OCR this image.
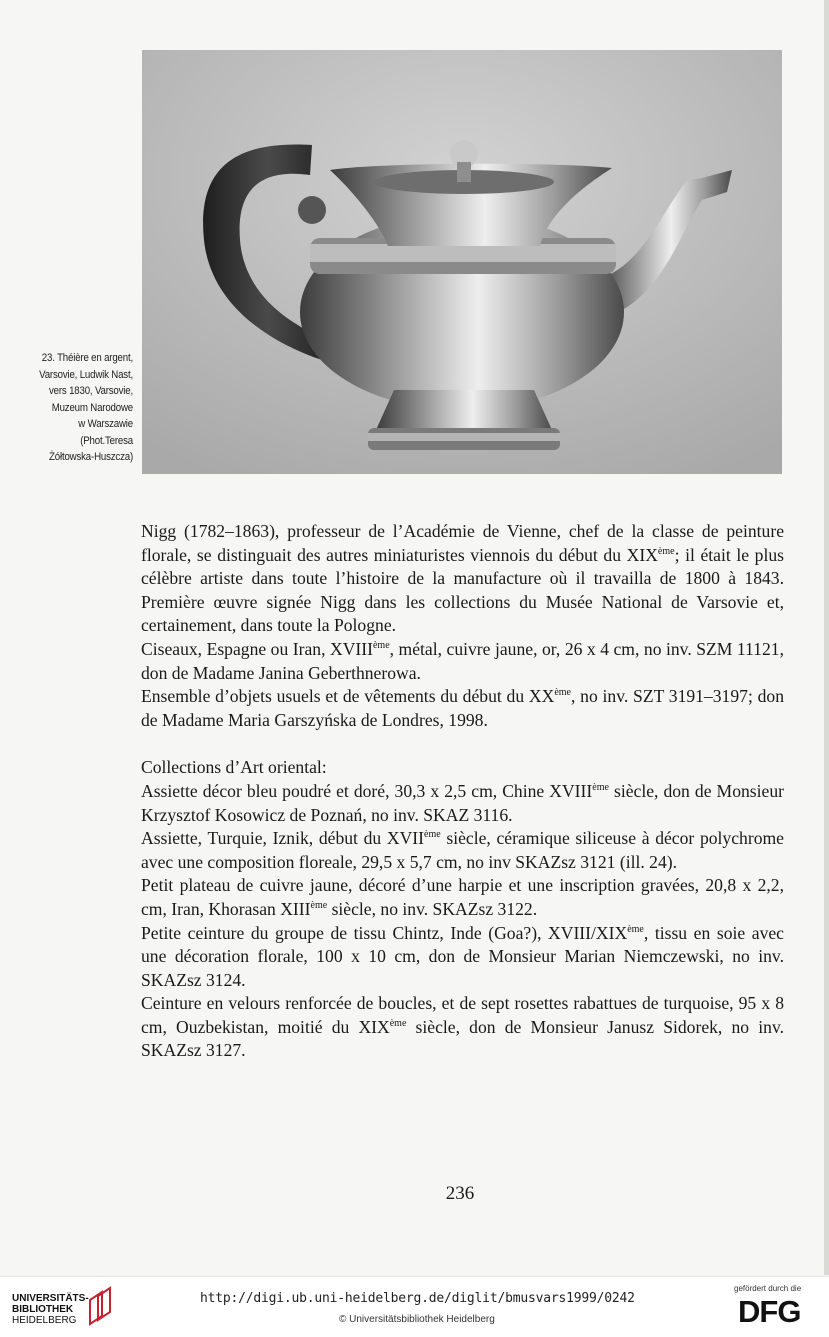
23. Théière en argent,
Varsovie, Ludwik Nast,
vers 1830, Varsovie,
Muzeum Narodowe
w Warszawie
(Phot.Teresa
Żółtowska-Huszcza)

Nigg (1782–1863), professeur de l’Académie de Vienne, chef de la classe de peinture florale, se distinguait des autres miniaturistes viennois du début du XIXème; il était le plus célèbre artiste dans toute l’histoire de la manufacture où il travailla de 1800 à 1843. Première œuvre signée Nigg dans les collections du Musée National de Varsovie et, certainement, dans toute la Pologne.

Ciseaux, Espagne ou Iran, XVIIIème, métal, cuivre jaune, or, 26 x 4 cm, no inv. SZM 11121, don de Madame Janina Geberthnerowa.

Ensemble d’objets usuels et de vêtements du début du XXème, no inv. SZT 3191–3197; don de Madame Maria Garszyńska de Londres, 1998.

Collections d’Art oriental:

Assiette décor bleu poudré et doré, 30,3 x 2,5 cm, Chine XVIIIème siècle, don de Monsieur Krzysztof Kosowicz de Poznań, no inv. SKAZ 3116.

Assiette, Turquie, Iznik, début du XVIIème siècle, céramique siliceuse à décor polychrome avec une composition floreale, 29,5 x 5,7 cm, no inv SKAZsz 3121 (ill. 24).

Petit plateau de cuivre jaune, décoré d’une harpie et une inscription gravées, 20,8 x 2,2, cm, Iran, Khorasan XIIIème siècle, no inv. SKAZsz 3122.

Petite ceinture du groupe de tissu Chintz, Inde (Goa?), XVIII/XIXème, tissu en soie avec une décoration florale, 100 x 10 cm, don de Monsieur Marian Niemczewski, no inv. SKAZsz 3124.

Ceinture en velours renforcée de boucles, et de sept rosettes rabattues de turquoise, 95 x 8 cm, Ouzbekistan, moitié du XIXème siècle, don de Monsieur Janusz Sidorek, no inv. SKAZsz 3127.

236
UNIVERSITÄTS-
BIBLIOTHEK
HEIDELBERG
http://digi.ub.uni-heidelberg.de/diglit/bmusvars1999/0242
© Universitätsbibliothek Heidelberg
gefördert durch die
DFG
